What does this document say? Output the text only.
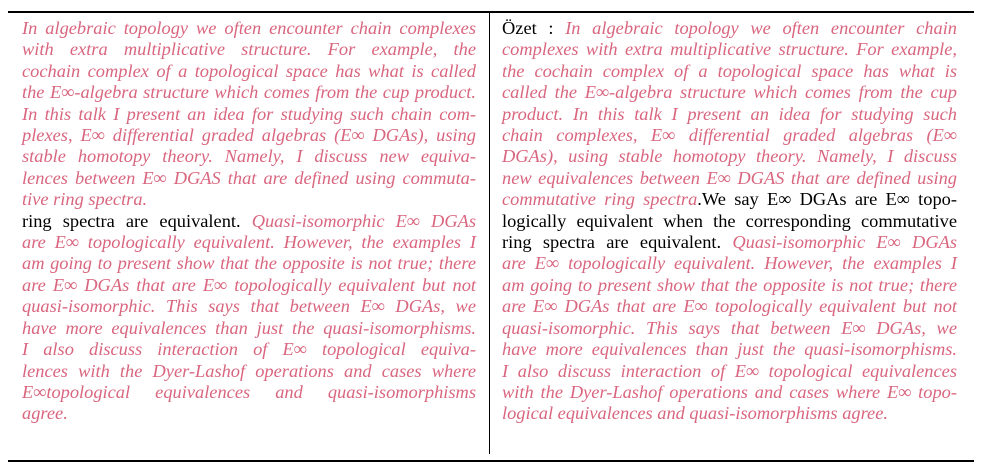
In algebraic topology we often encounter chain complexes
with extra multiplicative structure. For example, the
cochain complex of a topological space has what is called
the E∞-algebra structure which comes from the cup product.
In this talk I present an idea for studying such chain com-
plexes, E∞ differential graded algebras (E∞ DGAs), using
stable homotopy theory. Namely, I discuss new equiva-
lences between E∞ DGAS that are defined using commuta-
tive ring spectra.
ring spectra are equivalent. Quasi-isomorphic E∞ DGAs
are E∞ topologically equivalent. However, the examples I
am going to present show that the opposite is not true; there
are E∞ DGAs that are E∞ topologically equivalent but not
quasi-isomorphic. This says that between E∞ DGAs, we
have more equivalences than just the quasi-isomorphisms.
I also discuss interaction of E∞ topological equiva-
lences with the Dyer-Lashof operations and cases where
E∞topological equivalences and quasi-isomorphisms
agree.
Özet : In algebraic topology we often encounter chain
complexes with extra multiplicative structure. For example,
the cochain complex of a topological space has what is
called the E∞-algebra structure which comes from the cup
product. In this talk I present an idea for studying such
chain complexes, E∞ differential graded algebras (E∞
DGAs), using stable homotopy theory. Namely, I discuss
new equivalences between E∞ DGAS that are defined using
commutative ring spectra.We say E∞ DGAs are E∞ topo-
logically equivalent when the corresponding commutative
ring spectra are equivalent. Quasi-isomorphic E∞ DGAs
are E∞ topologically equivalent. However, the examples I
am going to present show that the opposite is not true; there
are E∞ DGAs that are E∞ topologically equivalent but not
quasi-isomorphic. This says that between E∞ DGAs, we
have more equivalences than just the quasi-isomorphisms.
I also discuss interaction of E∞ topological equivalences
with the Dyer-Lashof operations and cases where E∞ topo-
logical equivalences and quasi-isomorphisms agree.
